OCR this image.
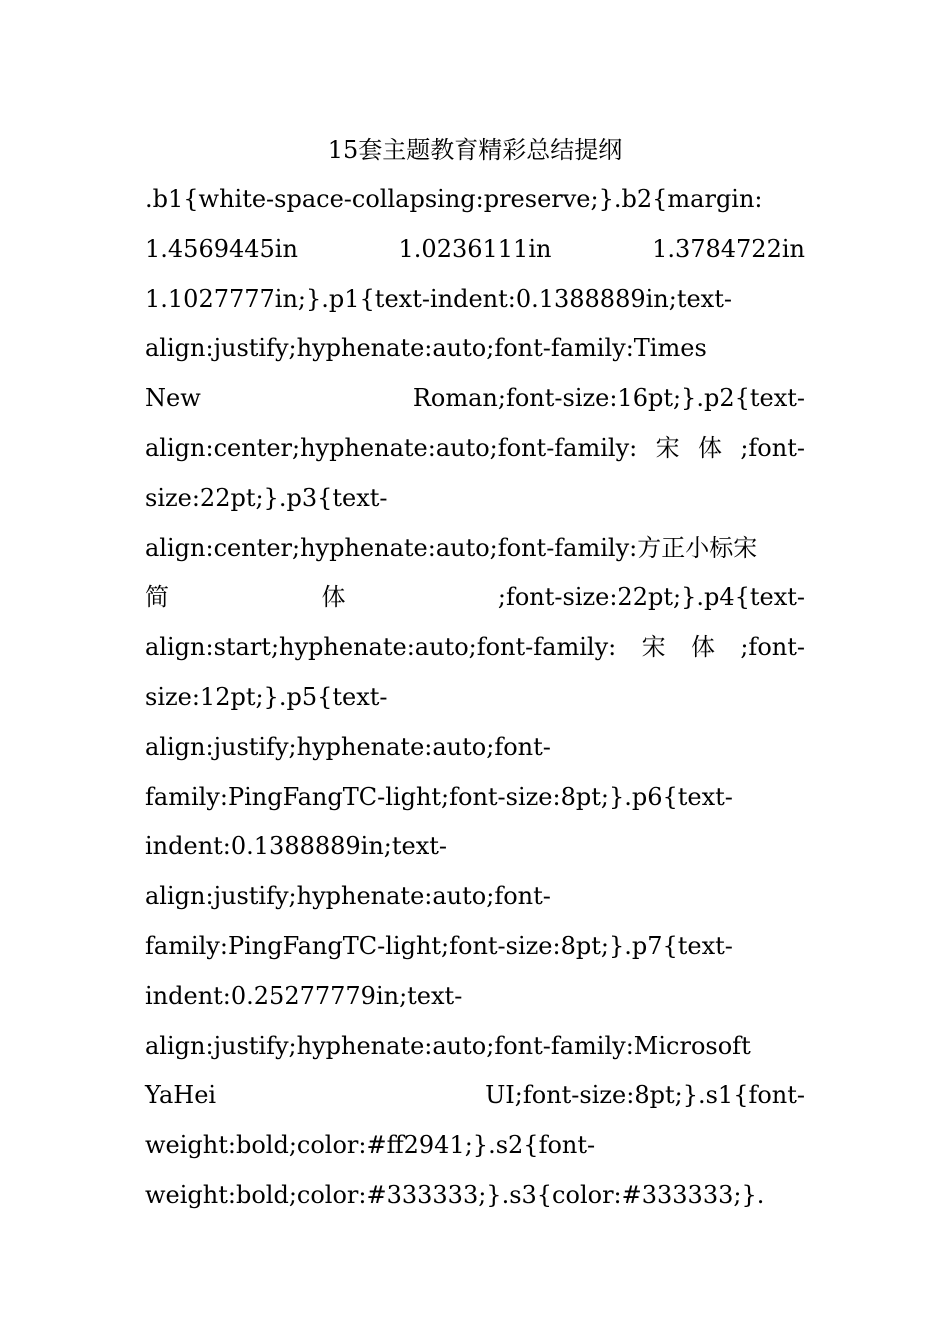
15套主题教育精彩总结提纲
.b1{white-space-collapsing:preserve;}.b2{margin:
1.4569445in	1.0236111in	1.3784722in
1.1027777in;}.p1{text-indent:0.1388889in;text-
align:justify;hyphenate:auto;font-family:Times
New	Roman;font-size:16pt;}.p2{text-
align:center;hyphenate:auto;font-family: 宋 体 ;font-
size:22pt;}.p3{text-
align:center;hyphenate:auto;font-family:方正小标宋
简	体	;font-size:22pt;}.p4{text-
align:start;hyphenate:auto;font-family: 宋 体 ;font-
size:12pt;}.p5{text-
align:justify;hyphenate:auto;font-
family:PingFangTC-light;font-size:8pt;}.p6{text-
indent:0.1388889in;text-
align:justify;hyphenate:auto;font-
family:PingFangTC-light;font-size:8pt;}.p7{text-
indent:0.25277779in;text-
align:justify;hyphenate:auto;font-family:Microsoft
YaHei	UI;font-size:8pt;}.s1{font-
weight:bold;color:#ff2941;}.s2{font-
weight:bold;color:#333333;}.s3{color:#333333;}.
